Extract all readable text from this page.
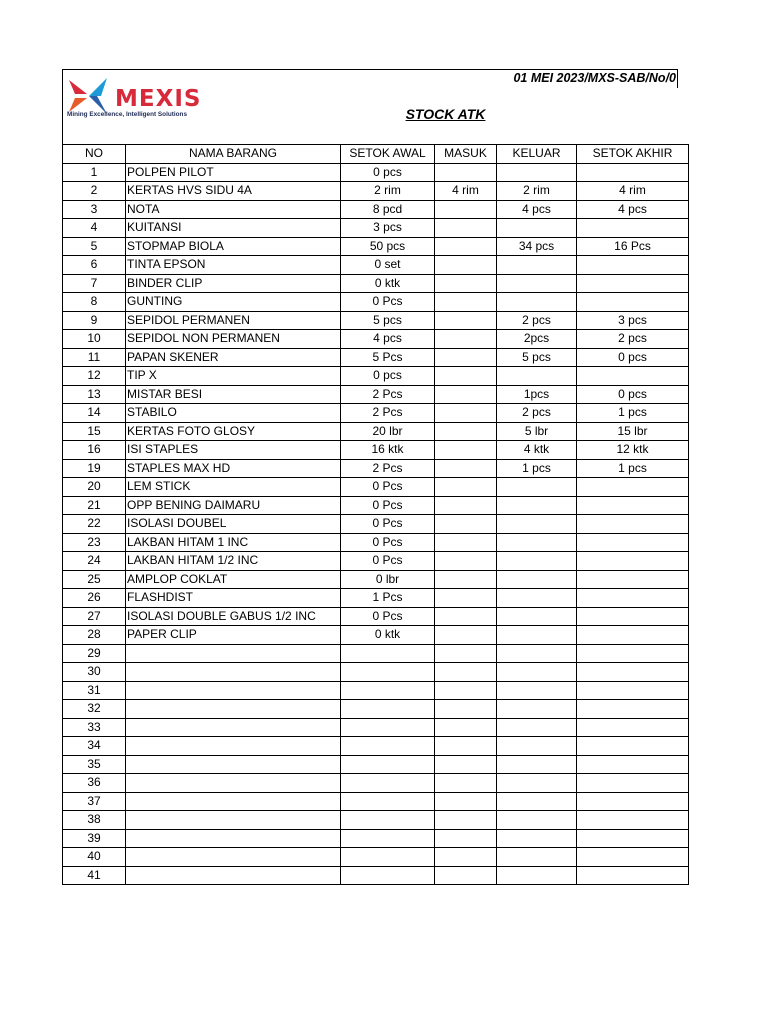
01 MEI 2023/MXS-SAB/No/0
MEXIS
Mining Excellence, Intelligent Solutions	STOCK ATK
NO	NAMA BARANG	SETOK AWAL	MASUK	KELUAR	SETOK AKHIR
1	POLPEN PILOT	0 pcs			
2	KERTAS HVS SIDU 4A	2 rim	4 rim	2 rim	4 rim
3	NOTA	8 pcd		4 pcs	4 pcs
4	KUITANSI	3 pcs			
5	STOPMAP BIOLA	50 pcs		34 pcs	16 Pcs
6	TINTA EPSON	0 set			
7	BINDER CLIP	0 ktk			
8	GUNTING	0 Pcs			
9	SEPIDOL PERMANEN	5 pcs		2 pcs	3 pcs
10	SEPIDOL NON PERMANEN	4 pcs		2pcs	2 pcs
11	PAPAN SKENER	5 Pcs		5 pcs	0 pcs
12	TIP X	0 pcs			
13	MISTAR BESI	2 Pcs		1pcs	0 pcs
14	STABILO	2 Pcs		2 pcs	1 pcs
15	KERTAS FOTO GLOSY	20 lbr		5 lbr	15 lbr
16	ISI STAPLES	16 ktk		4 ktk	12 ktk
19	STAPLES MAX HD	2 Pcs		1 pcs	1 pcs
20	LEM STICK	0 Pcs			
21	OPP BENING DAIMARU	0 Pcs			
22	ISOLASI DOUBEL	0 Pcs			
23	LAKBAN HITAM 1 INC	0 Pcs			
24	LAKBAN HITAM 1/2 INC	0 Pcs			
25	AMPLOP COKLAT	0 lbr			
26	FLASHDIST	1 Pcs			
27	ISOLASI DOUBLE GABUS 1/2 INC	0 Pcs			
28	PAPER CLIP	0 ktk			
29					
30					
31					
32					
33					
34					
35					
36					
37					
38					
39					
40					
41					
